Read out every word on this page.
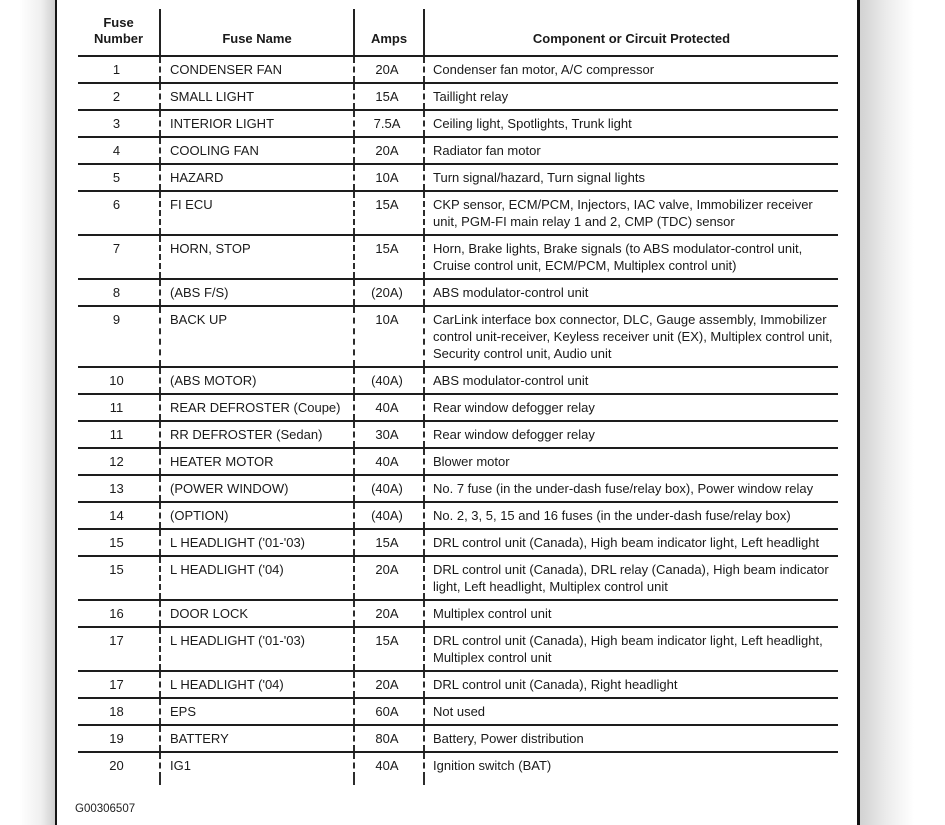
Fuse Number	Fuse Name	Amps	Component or Circuit Protected
1	CONDENSER FAN	20A	Condenser fan motor, A/C compressor
2	SMALL LIGHT	15A	Taillight relay
3	INTERIOR LIGHT	7.5A	Ceiling light, Spotlights, Trunk light
4	COOLING FAN	20A	Radiator fan motor
5	HAZARD	10A	Turn signal/hazard, Turn signal lights
6	FI ECU	15A	CKP sensor, ECM/PCM, Injectors, IAC valve, Immobilizer receiver unit, PGM-FI main relay 1 and 2, CMP (TDC) sensor
7	HORN, STOP	15A	Horn, Brake lights, Brake signals (to ABS modulator-control unit, Cruise control unit, ECM/PCM, Multiplex control unit)
8	(ABS F/S)	(20A)	ABS modulator-control unit
9	BACK UP	10A	CarLink interface box connector, DLC, Gauge assembly, Immobilizer control unit-receiver, Keyless receiver unit (EX), Multiplex control unit, Security control unit, Audio unit
10	(ABS MOTOR)	(40A)	ABS modulator-control unit
11	REAR DEFROSTER (Coupe)	40A	Rear window defogger relay
11	RR DEFROSTER (Sedan)	30A	Rear window defogger relay
12	HEATER MOTOR	40A	Blower motor
13	(POWER WINDOW)	(40A)	No. 7 fuse (in the under-dash fuse/relay box), Power window relay
14	(OPTION)	(40A)	No. 2, 3, 5, 15 and 16 fuses (in the under-dash fuse/relay box)
15	L HEADLIGHT ('01-'03)	15A	DRL control unit (Canada), High beam indicator light, Left headlight
15	L HEADLIGHT ('04)	20A	DRL control unit (Canada), DRL relay (Canada), High beam indicator light, Left headlight, Multiplex control unit
16	DOOR LOCK	20A	Multiplex control unit
17	L HEADLIGHT ('01-'03)	15A	DRL control unit (Canada), High beam indicator light, Left headlight, Multiplex control unit
17	L HEADLIGHT ('04)	20A	DRL control unit (Canada), Right headlight
18	EPS	60A	Not used
19	BATTERY	80A	Battery, Power distribution
20	IG1	40A	Ignition switch (BAT)

G00306507
